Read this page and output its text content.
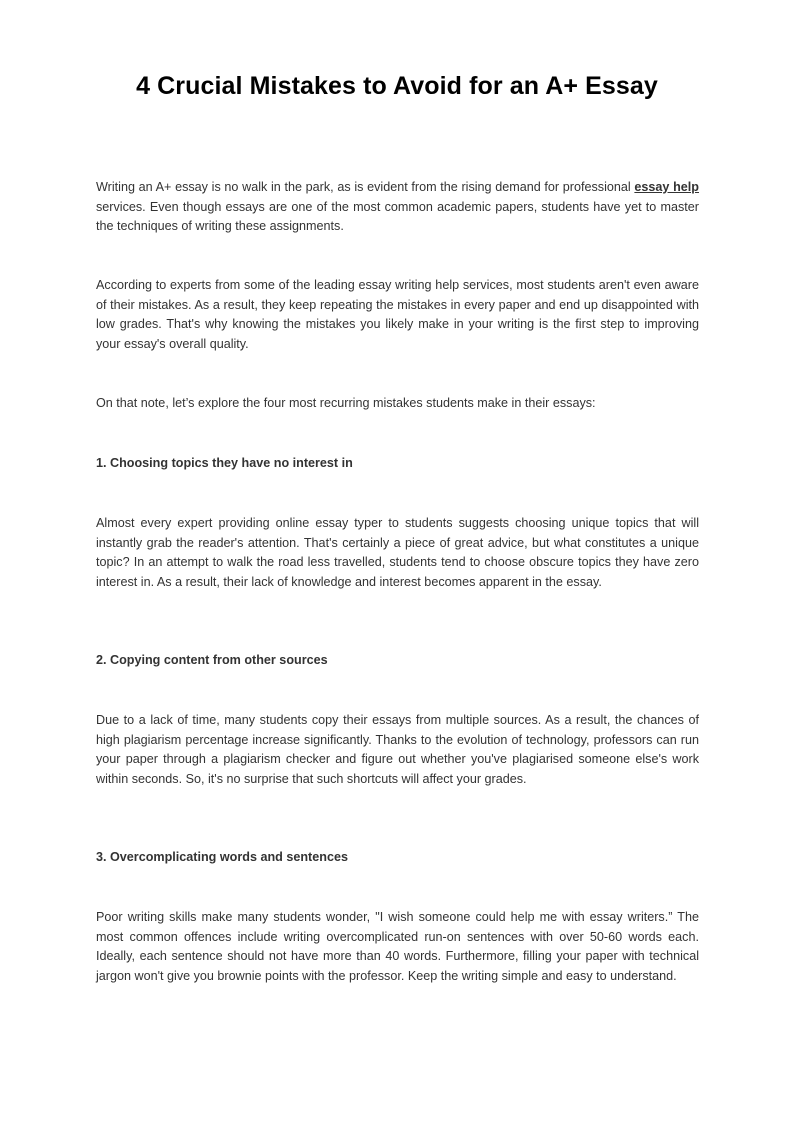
4 Crucial Mistakes to Avoid for an A+ Essay

Writing an A+ essay is no walk in the park, as is evident from the rising demand for professional essay help services. Even though essays are one of the most common academic papers, students have yet to master the techniques of writing these assignments.

According to experts from some of the leading essay writing help services, most students aren't even aware of their mistakes. As a result, they keep repeating the mistakes in every paper and end up disappointed with low grades. That's why knowing the mistakes you likely make in your writing is the first step to improving your essay's overall quality.

On that note, let’s explore the four most recurring mistakes students make in their essays:

1. Choosing topics they have no interest in

Almost every expert providing online essay typer to students suggests choosing unique topics that will instantly grab the reader's attention. That's certainly a piece of great advice, but what constitutes a unique topic? In an attempt to walk the road less travelled, students tend to choose obscure topics they have zero interest in. As a result, their lack of knowledge and interest becomes apparent in the essay.

2. Copying content from other sources

Due to a lack of time, many students copy their essays from multiple sources. As a result, the chances of high plagiarism percentage increase significantly. Thanks to the evolution of technology, professors can run your paper through a plagiarism checker and figure out whether you've plagiarised someone else's work within seconds. So, it's no surprise that such shortcuts will affect your grades.

3. Overcomplicating words and sentences

Poor writing skills make many students wonder, "I wish someone could help me with essay writers.” The most common offences include writing overcomplicated run-on sentences with over 50-60 words each. Ideally, each sentence should not have more than 40 words. Furthermore, filling your paper with technical jargon won't give you brownie points with the professor. Keep the writing simple and easy to understand.
